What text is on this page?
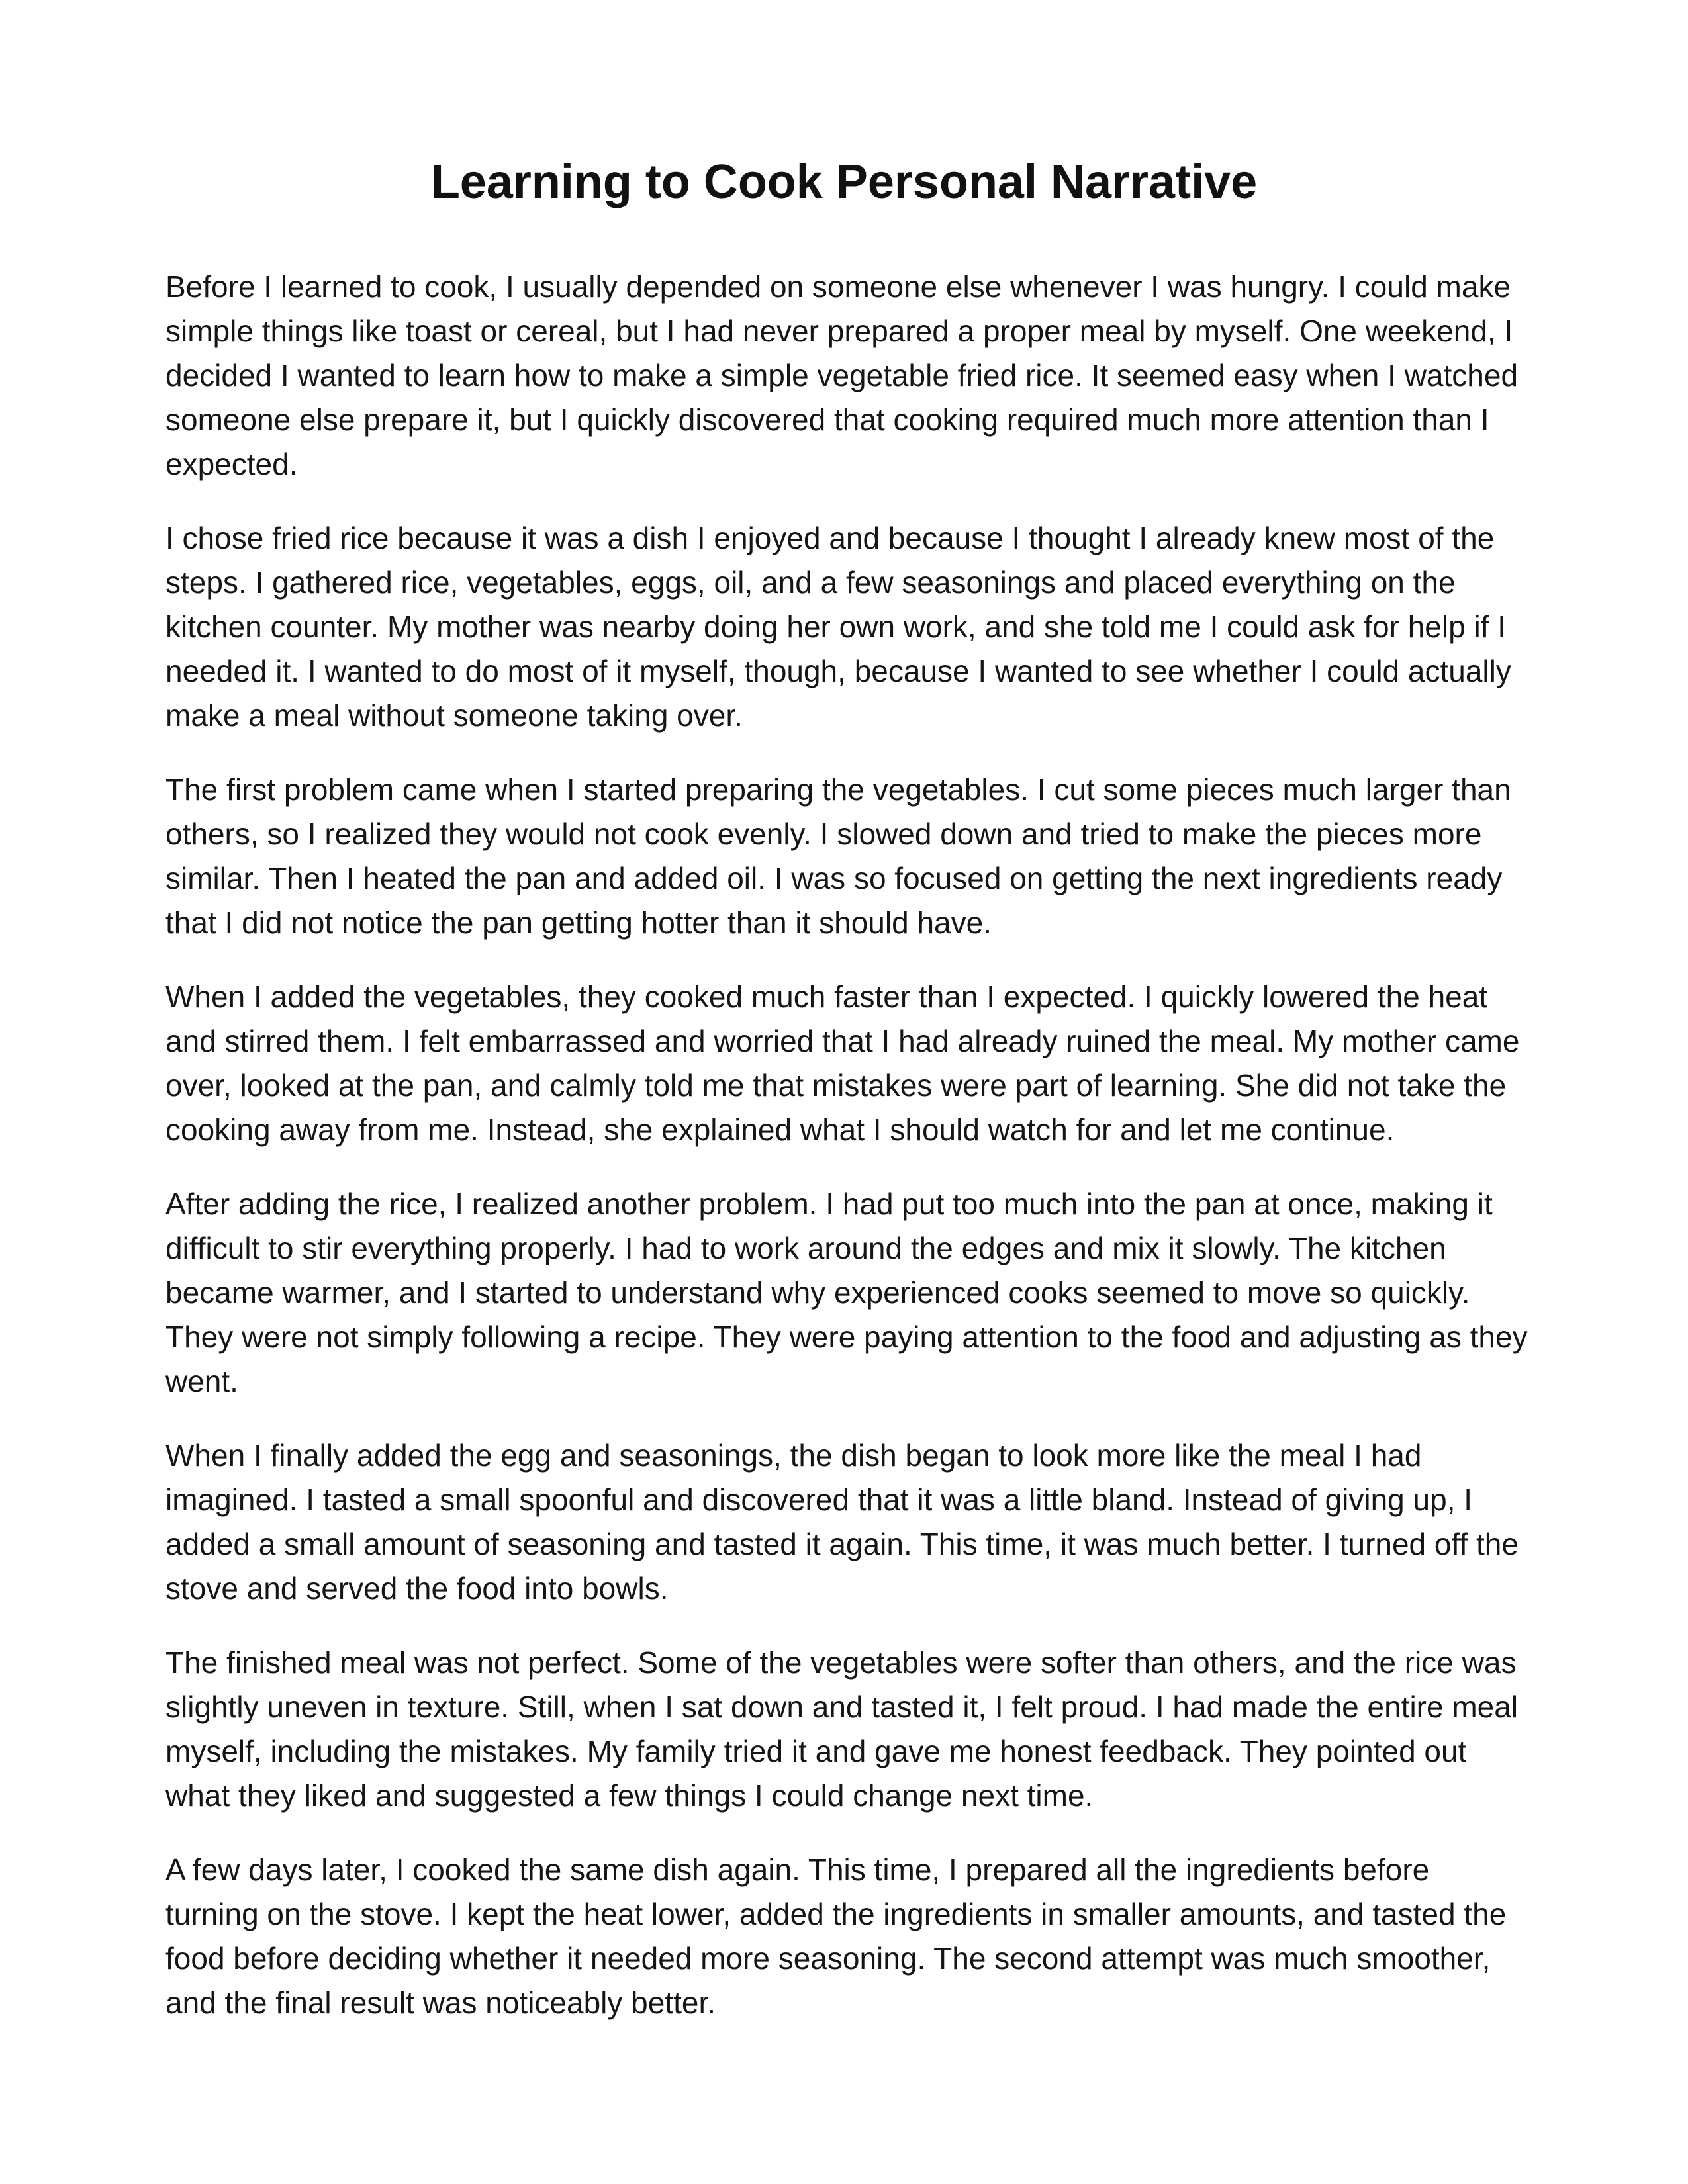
Learning to Cook Personal Narrative

Before I learned to cook, I usually depended on someone else whenever I was hungry. I could make simple things like toast or cereal, but I had never prepared a proper meal by myself. One weekend, I decided I wanted to learn how to make a simple vegetable fried rice. It seemed easy when I watched someone else prepare it, but I quickly discovered that cooking required much more attention than I expected.

I chose fried rice because it was a dish I enjoyed and because I thought I already knew most of the steps. I gathered rice, vegetables, eggs, oil, and a few seasonings and placed everything on the kitchen counter. My mother was nearby doing her own work, and she told me I could ask for help if I needed it. I wanted to do most of it myself, though, because I wanted to see whether I could actually make a meal without someone taking over.

The first problem came when I started preparing the vegetables. I cut some pieces much larger than others, so I realized they would not cook evenly. I slowed down and tried to make the pieces more similar. Then I heated the pan and added oil. I was so focused on getting the next ingredients ready that I did not notice the pan getting hotter than it should have.

When I added the vegetables, they cooked much faster than I expected. I quickly lowered the heat and stirred them. I felt embarrassed and worried that I had already ruined the meal. My mother came over, looked at the pan, and calmly told me that mistakes were part of learning. She did not take the cooking away from me. Instead, she explained what I should watch for and let me continue.

After adding the rice, I realized another problem. I had put too much into the pan at once, making it difficult to stir everything properly. I had to work around the edges and mix it slowly. The kitchen became warmer, and I started to understand why experienced cooks seemed to move so quickly. They were not simply following a recipe. They were paying attention to the food and adjusting as they went.

When I finally added the egg and seasonings, the dish began to look more like the meal I had imagined. I tasted a small spoonful and discovered that it was a little bland. Instead of giving up, I added a small amount of seasoning and tasted it again. This time, it was much better. I turned off the stove and served the food into bowls.

The finished meal was not perfect. Some of the vegetables were softer than others, and the rice was slightly uneven in texture. Still, when I sat down and tasted it, I felt proud. I had made the entire meal myself, including the mistakes. My family tried it and gave me honest feedback. They pointed out what they liked and suggested a few things I could change next time.

A few days later, I cooked the same dish again. This time, I prepared all the ingredients before turning on the stove. I kept the heat lower, added the ingredients in smaller amounts, and tasted the food before deciding whether it needed more seasoning. The second attempt was much smoother, and the final result was noticeably better.
